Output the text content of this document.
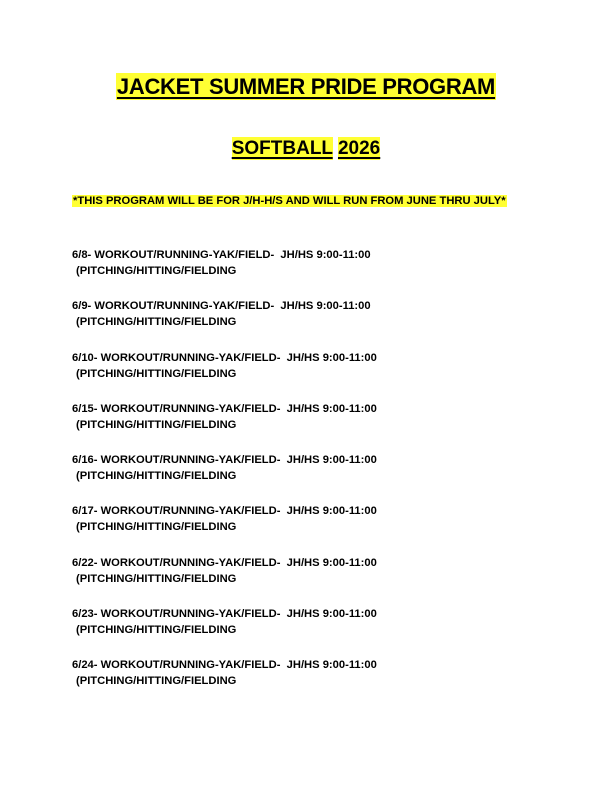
JACKET SUMMER PRIDE PROGRAM
SOFTBALL 2026
*THIS PROGRAM WILL BE FOR J/H-H/S AND WILL RUN FROM JUNE THRU JULY*
6/8- WORKOUT/RUNNING-YAK/FIELD-  JH/HS 9:00-11:00
(PITCHING/HITTING/FIELDING
6/9- WORKOUT/RUNNING-YAK/FIELD-  JH/HS 9:00-11:00
(PITCHING/HITTING/FIELDING
6/10- WORKOUT/RUNNING-YAK/FIELD-  JH/HS 9:00-11:00
(PITCHING/HITTING/FIELDING
6/15- WORKOUT/RUNNING-YAK/FIELD-  JH/HS 9:00-11:00
(PITCHING/HITTING/FIELDING
6/16- WORKOUT/RUNNING-YAK/FIELD-  JH/HS 9:00-11:00
(PITCHING/HITTING/FIELDING
6/17- WORKOUT/RUNNING-YAK/FIELD-  JH/HS 9:00-11:00
(PITCHING/HITTING/FIELDING
6/22- WORKOUT/RUNNING-YAK/FIELD-  JH/HS 9:00-11:00
(PITCHING/HITTING/FIELDING
6/23- WORKOUT/RUNNING-YAK/FIELD-  JH/HS 9:00-11:00
(PITCHING/HITTING/FIELDING
6/24- WORKOUT/RUNNING-YAK/FIELD-  JH/HS 9:00-11:00
(PITCHING/HITTING/FIELDING
